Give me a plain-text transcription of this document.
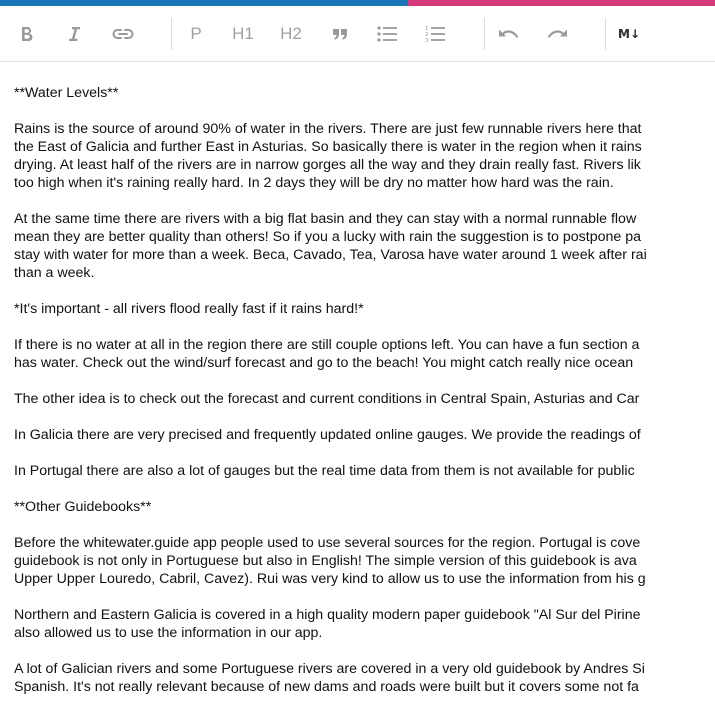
P H1 H2	1
2
3	M↓
**Water Levels**
Rains is the source of around 90% of water in the rivers. There are just few runnable rivers here that
the East of Galicia and further East in Asturias. So basically there is water in the region when it rains
drying. At least half of the rivers are in narrow gorges all the way and they drain really fast. Rivers lik
too high when it's raining really hard. In 2 days they will be dry no matter how hard was the rain.
At the same time there are rivers with a big flat basin and they can stay with a normal runnable flow
mean they are better quality than others! So if you a lucky with rain the suggestion is to postpone pa
stay with water for more than a week. Beca, Cavado, Tea, Varosa have water around 1 week after rai
than a week.
*It's important - all rivers flood really fast if it rains hard!*
If there is no water at all in the region there are still couple options left. You can have a fun section a
has water. Check out the wind/surf forecast and go to the beach! You might catch really nice ocean
The other idea is to check out the forecast and current conditions in Central Spain, Asturias and Car
In Galicia there are very precised and frequently updated online gauges. We provide the readings of
In Portugal there are also a lot of gauges but the real time data from them is not available for public
**Other Guidebooks**
Before the whitewater.guide app people used to use several sources for the region. Portugal is cove
guidebook is not only in Portuguese but also in English! The simple version of this guidebook is ava
Upper Upper Louredo, Cabril, Cavez). Rui was very kind to allow us to use the information from his g
Northern and Eastern Galicia is covered in a high quality modern paper guidebook "Al Sur del Pirine
also allowed us to use the information in our app.
A lot of Galician rivers and some Portuguese rivers are covered in a very old guidebook by Andres Si
Spanish. It's not really relevant because of new dams and roads were built but it covers some not fa
